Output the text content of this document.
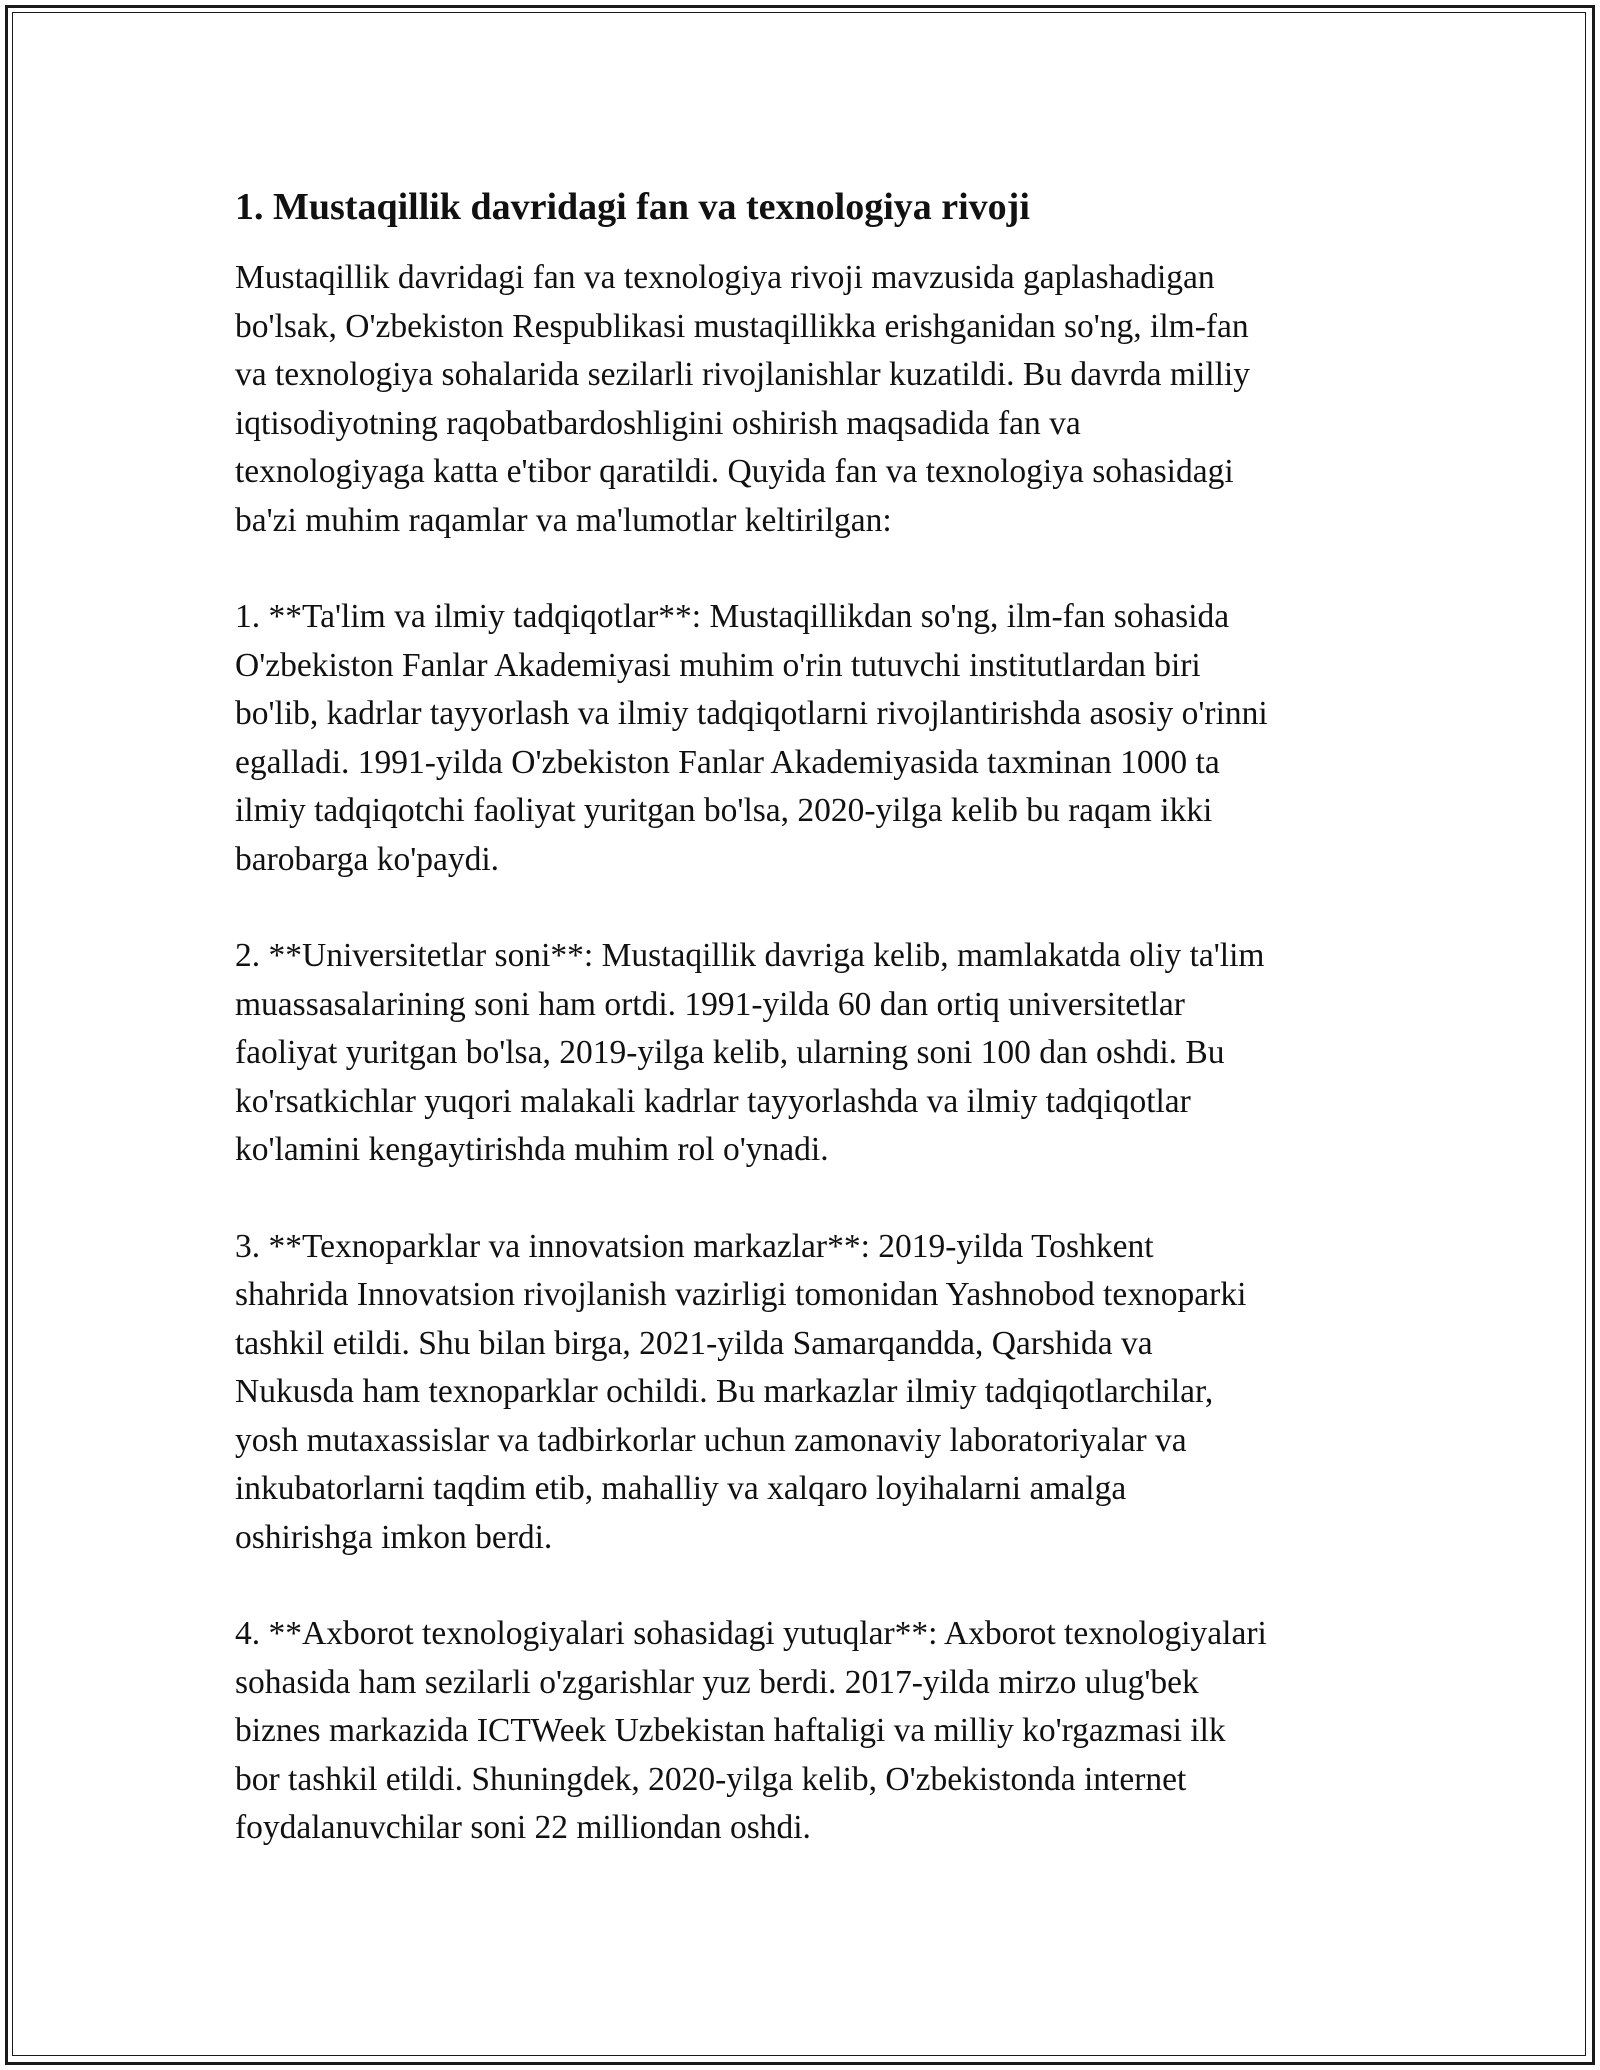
1. Mustaqillik davridagi fan va texnologiya rivoji

Mustaqillik davridagi fan va texnologiya rivoji mavzusida gaplashadigan
bo'lsak, O'zbekiston Respublikasi mustaqillikka erishganidan so'ng, ilm-fan
va texnologiya sohalarida sezilarli rivojlanishlar kuzatildi. Bu davrda milliy
iqtisodiyotning raqobatbardoshligini oshirish maqsadida fan va
texnologiyaga katta e'tibor qaratildi. Quyida fan va texnologiya sohasidagi
ba'zi muhim raqamlar va ma'lumotlar keltirilgan:

1. **Ta'lim va ilmiy tadqiqotlar**: Mustaqillikdan so'ng, ilm-fan sohasida
O'zbekiston Fanlar Akademiyasi muhim o'rin tutuvchi institutlardan biri
bo'lib, kadrlar tayyorlash va ilmiy tadqiqotlarni rivojlantirishda asosiy o'rinni
egalladi. 1991-yilda O'zbekiston Fanlar Akademiyasida taxminan 1000 ta
ilmiy tadqiqotchi faoliyat yuritgan bo'lsa, 2020-yilga kelib bu raqam ikki
barobarga ko'paydi.

2. **Universitetlar soni**: Mustaqillik davriga kelib, mamlakatda oliy ta'lim
muassasalarining soni ham ortdi. 1991-yilda 60 dan ortiq universitetlar
faoliyat yuritgan bo'lsa, 2019-yilga kelib, ularning soni 100 dan oshdi. Bu
ko'rsatkichlar yuqori malakali kadrlar tayyorlashda va ilmiy tadqiqotlar
ko'lamini kengaytirishda muhim rol o'ynadi.

3. **Texnoparklar va innovatsion markazlar**: 2019-yilda Toshkent
shahrida Innovatsion rivojlanish vazirligi tomonidan Yashnobod texnoparki
tashkil etildi. Shu bilan birga, 2021-yilda Samarqandda, Qarshida va
Nukusda ham texnoparklar ochildi. Bu markazlar ilmiy tadqiqotlarchilar,
yosh mutaxassislar va tadbirkorlar uchun zamonaviy laboratoriyalar va
inkubatorlarni taqdim etib, mahalliy va xalqaro loyihalarni amalga
oshirishga imkon berdi.

4. **Axborot texnologiyalari sohasidagi yutuqlar**: Axborot texnologiyalari
sohasida ham sezilarli o'zgarishlar yuz berdi. 2017-yilda mirzo ulug'bek
biznes markazida ICTWeek Uzbekistan haftaligi va milliy ko'rgazmasi ilk
bor tashkil etildi. Shuningdek, 2020-yilga kelib, O'zbekistonda internet
foydalanuvchilar soni 22 milliondan oshdi.
